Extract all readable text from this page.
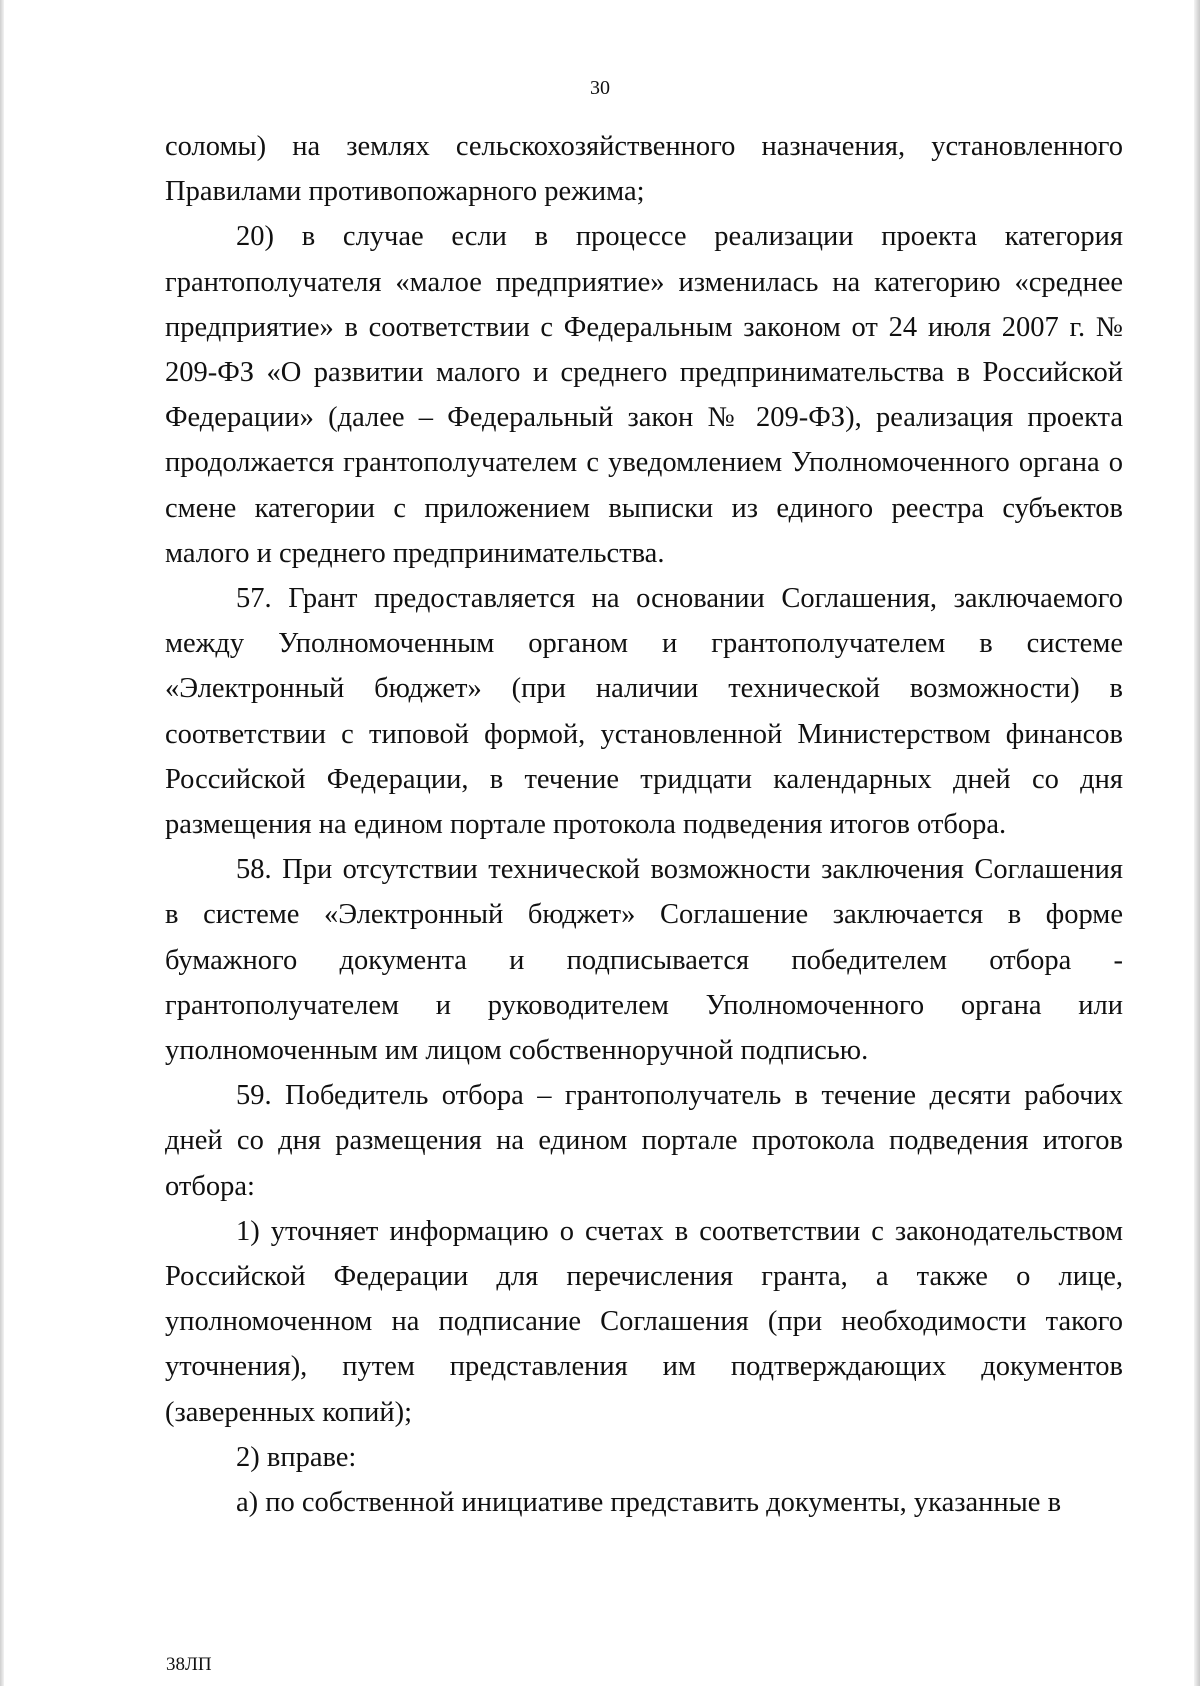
30

соломы) на землях сельскохозяйственного назначения, установленного Правилами противопожарного режима;

20) в случае если в процессе реализации проекта категория грантополучателя «малое предприятие» изменилась на категорию «среднее предприятие» в соответствии с Федеральным законом от 24 июля 2007 г. № 209-ФЗ «О развитии малого и среднего предпринимательства в Российской Федерации» (далее – Федеральный закон № 209-ФЗ), реализация проекта продолжается грантополучателем с уведомлением Уполномоченного органа о смене категории с приложением выписки из единого реестра субъектов малого и среднего предпринимательства.

57. Грант предоставляется на основании Соглашения, заключаемого между Уполномоченным органом и грантополучателем в системе «Электронный бюджет» (при наличии технической возможности) в соответствии с типовой формой, установленной Министерством финансов Российской Федерации, в течение тридцати календарных дней со дня размещения на едином портале протокола подведения итогов отбора.

58. При отсутствии технической возможности заключения Соглашения в системе «Электронный бюджет» Соглашение заключается в форме бумажного документа и подписывается победителем отбора - грантополучателем и руководителем Уполномоченного органа или уполномоченным им лицом собственноручной подписью.

59. Победитель отбора – грантополучатель в течение десяти рабочих дней со дня размещения на едином портале протокола подведения итогов отбора:

1) уточняет информацию о счетах в соответствии с законодательством Российской Федерации для перечисления гранта, а также о лице, уполномоченном на подписание Соглашения (при необходимости такого уточнения), путем представления им подтверждающих документов (заверенных копий);

2) вправе:

а) по собственной инициативе представить документы, указанные в

38ЛП
